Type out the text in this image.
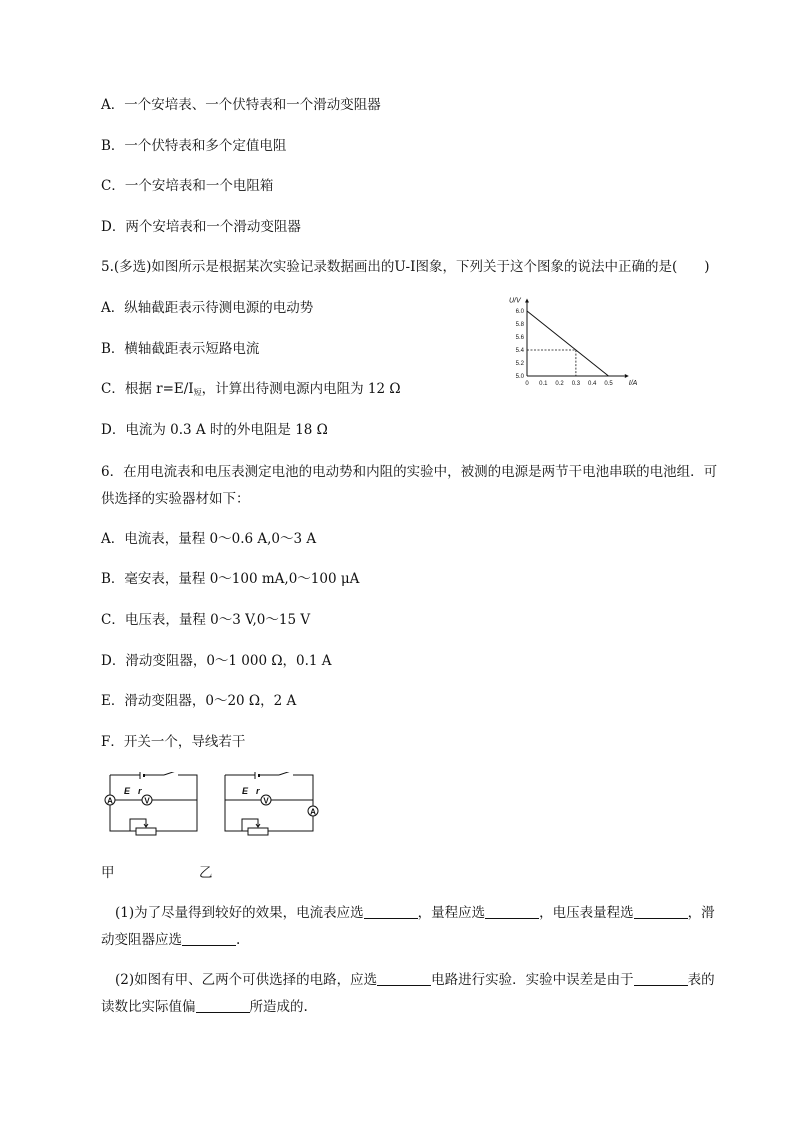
A．一个安培表、一个伏特表和一个滑动变阻器
B．一个伏特表和多个定值电阻
C．一个安培表和一个电阻箱
D．两个安培表和一个滑动变阻器
5.(多选)如图所示是根据某次实验记录数据画出的U-I图象，下列关于这个图象的说法中正确的是(　　)
A．纵轴截距表示待测电源的电动势
B．横轴截距表示短路电流
C．根据 $r=E/I_短$，计算出待测电源内电阻为 12 Ω
D．电流为 0.3 A 时的外电阻是 18 Ω
0 0.1 0.2 0.3 0.4 0.5
5.0
5.2
5.4
5.6
5.8
6.0
I/A
U/V
6．在用电流表和电压表测定电池的电动势和内阻的实验中，被测的电源是两节干电池串联的电池组．可
供选择的实验器材如下：
A．电流表，量程 0～0.6 A,0～3 A
B．毫安表，量程 0～100 mA,0～100 μA
C．电压表，量程 0～3 V,0～15 V
D．滑动变阻器，0～1 000 Ω，0.1 A
E．滑动变阻器，0～20 Ω，2 A
F．开关一个，导线若干
A	V
E r
A
V
E r
甲	乙
(1)为了尽量得到较好的效果，电流表应选	，量程应选	，电压表量程选	，滑
动变阻器应选	.
(2)如图有甲、乙两个可供选择的电路，应选	电路进行实验．实验中误差是由于	表的
读数比实际值偏	所造成的.
